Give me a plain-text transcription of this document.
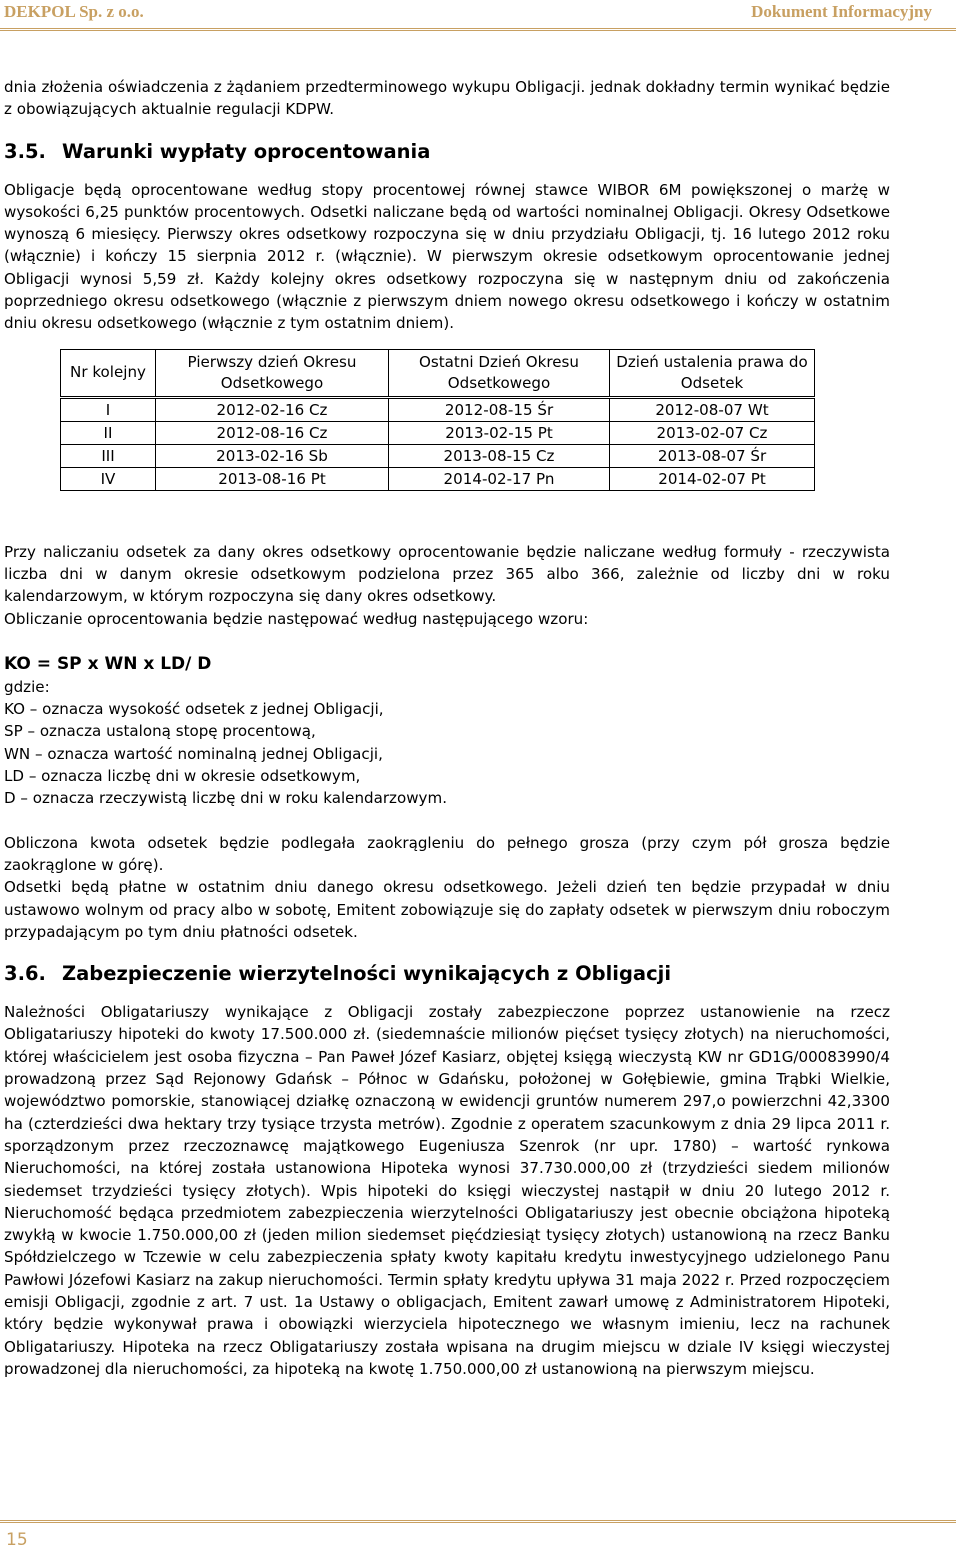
DEKPOL Sp. z o.o.	Dokument Informacyjny

dnia złożenia oświadczenia z żądaniem przedterminowego wykupu Obligacji. jednak dokładny termin wynikać będzie z obowiązujących aktualnie regulacji KDPW.

3.5. Warunki wypłaty oprocentowania

Obligacje będą oprocentowane według stopy procentowej równej stawce WIBOR 6M powiększonej o marżę w wysokości 6,25 punktów procentowych. Odsetki naliczane będą od wartości nominalnej Obligacji. Okresy Odsetkowe wynoszą 6 miesięcy. Pierwszy okres odsetkowy rozpoczyna się w dniu przydziału Obligacji, tj. 16 lutego 2012 roku (włącznie) i kończy 15 sierpnia 2012 r. (włącznie). W pierwszym okresie odsetkowym oprocentowanie jednej Obligacji wynosi 5,59 zł. Każdy kolejny okres odsetkowy rozpoczyna się w następnym dniu od zakończenia poprzedniego okresu odsetkowego (włącznie z pierwszym dniem nowego okresu odsetkowego i kończy w ostatnim dniu okresu odsetkowego (włącznie z tym ostatnim dniem).

Nr kolejny	Pierwszy dzień Okresu Odsetkowego	Ostatni Dzień Okresu Odsetkowego	Dzień ustalenia prawa do Odsetek
I	2012-02-16 Cz	2012-08-15 Śr	2012-08-07 Wt
II	2012-08-16 Cz	2013-02-15 Pt	2013-02-07 Cz
III	2013-02-16 Sb	2013-08-15 Cz	2013-08-07 Śr
IV	2013-08-16 Pt	2014-02-17 Pn	2014-02-07 Pt

Przy naliczaniu odsetek za dany okres odsetkowy oprocentowanie będzie naliczane według formuły - rzeczywista liczba dni w danym okresie odsetkowym podzielona przez 365 albo 366, zależnie od liczby dni w roku kalendarzowym, w którym rozpoczyna się dany okres odsetkowy.

Obliczanie oprocentowania będzie następować według następującego wzoru:

KO = SP x WN x LD/ D

gdzie:

KO – oznacza wysokość odsetek z jednej Obligacji,

SP – oznacza ustaloną stopę procentową,

WN – oznacza wartość nominalną jednej Obligacji,

LD – oznacza liczbę dni w okresie odsetkowym,

D – oznacza rzeczywistą liczbę dni w roku kalendarzowym.

Obliczona kwota odsetek będzie podlegała zaokrągleniu do pełnego grosza (przy czym pół grosza będzie zaokrąglone w górę).

Odsetki będą płatne w ostatnim dniu danego okresu odsetkowego. Jeżeli dzień ten będzie przypadał w dniu ustawowo wolnym od pracy albo w sobotę, Emitent zobowiązuje się do zapłaty odsetek w pierwszym dniu roboczym przypadającym po tym dniu płatności odsetek.

3.6. Zabezpieczenie wierzytelności wynikających z Obligacji

Należności Obligatariuszy wynikające z Obligacji zostały zabezpieczone poprzez ustanowienie na rzecz Obligatariuszy hipoteki do kwoty 17.500.000 zł. (siedemnaście milionów pięćset tysięcy złotych) na nieruchomości, której właścicielem jest osoba fizyczna – Pan Paweł Józef Kasiarz, objętej księgą wieczystą KW nr GD1G/00083990/4 prowadzoną przez Sąd Rejonowy Gdańsk – Północ w Gdańsku, położonej w Gołębiewie, gmina Trąbki Wielkie, województwo pomorskie, stanowiącej działkę oznaczoną w ewidencji gruntów numerem 297,o powierzchni 42,3300 ha (czterdzieści dwa hektary trzy tysiące trzysta metrów). Zgodnie z operatem szacunkowym z dnia 29 lipca 2011 r. sporządzonym przez rzeczoznawcę majątkowego Eugeniusza Szenrok (nr upr. 1780) – wartość rynkowa Nieruchomości, na której została ustanowiona Hipoteka wynosi 37.730.000,00 zł (trzydzieści siedem milionów siedemset trzydzieści tysięcy złotych). Wpis hipoteki do księgi wieczystej nastąpił w dniu 20 lutego 2012 r. Nieruchomość będąca przedmiotem zabezpieczenia wierzytelności Obligatariuszy jest obecnie obciążona hipoteką zwykłą w kwocie 1.750.000,00 zł (jeden milion siedemset pięćdziesiąt tysięcy złotych) ustanowioną na rzecz Banku Spółdzielczego w Tczewie w celu zabezpieczenia spłaty kwoty kapitału kredytu inwestycyjnego udzielonego Panu Pawłowi Józefowi Kasiarz na zakup nieruchomości. Termin spłaty kredytu upływa 31 maja 2022 r. Przed rozpoczęciem emisji Obligacji, zgodnie z art. 7 ust. 1a Ustawy o obligacjach, Emitent zawarł umowę z Administratorem Hipoteki, który będzie wykonywał prawa i obowiązki wierzyciela hipotecznego we własnym imieniu, lecz na rachunek Obligatariuszy. Hipoteka na rzecz Obligatariuszy została wpisana na drugim miejscu w dziale IV księgi wieczystej prowadzonej dla nieruchomości, za hipoteką na kwotę 1.750.000,00 zł ustanowioną na pierwszym miejscu.

15
